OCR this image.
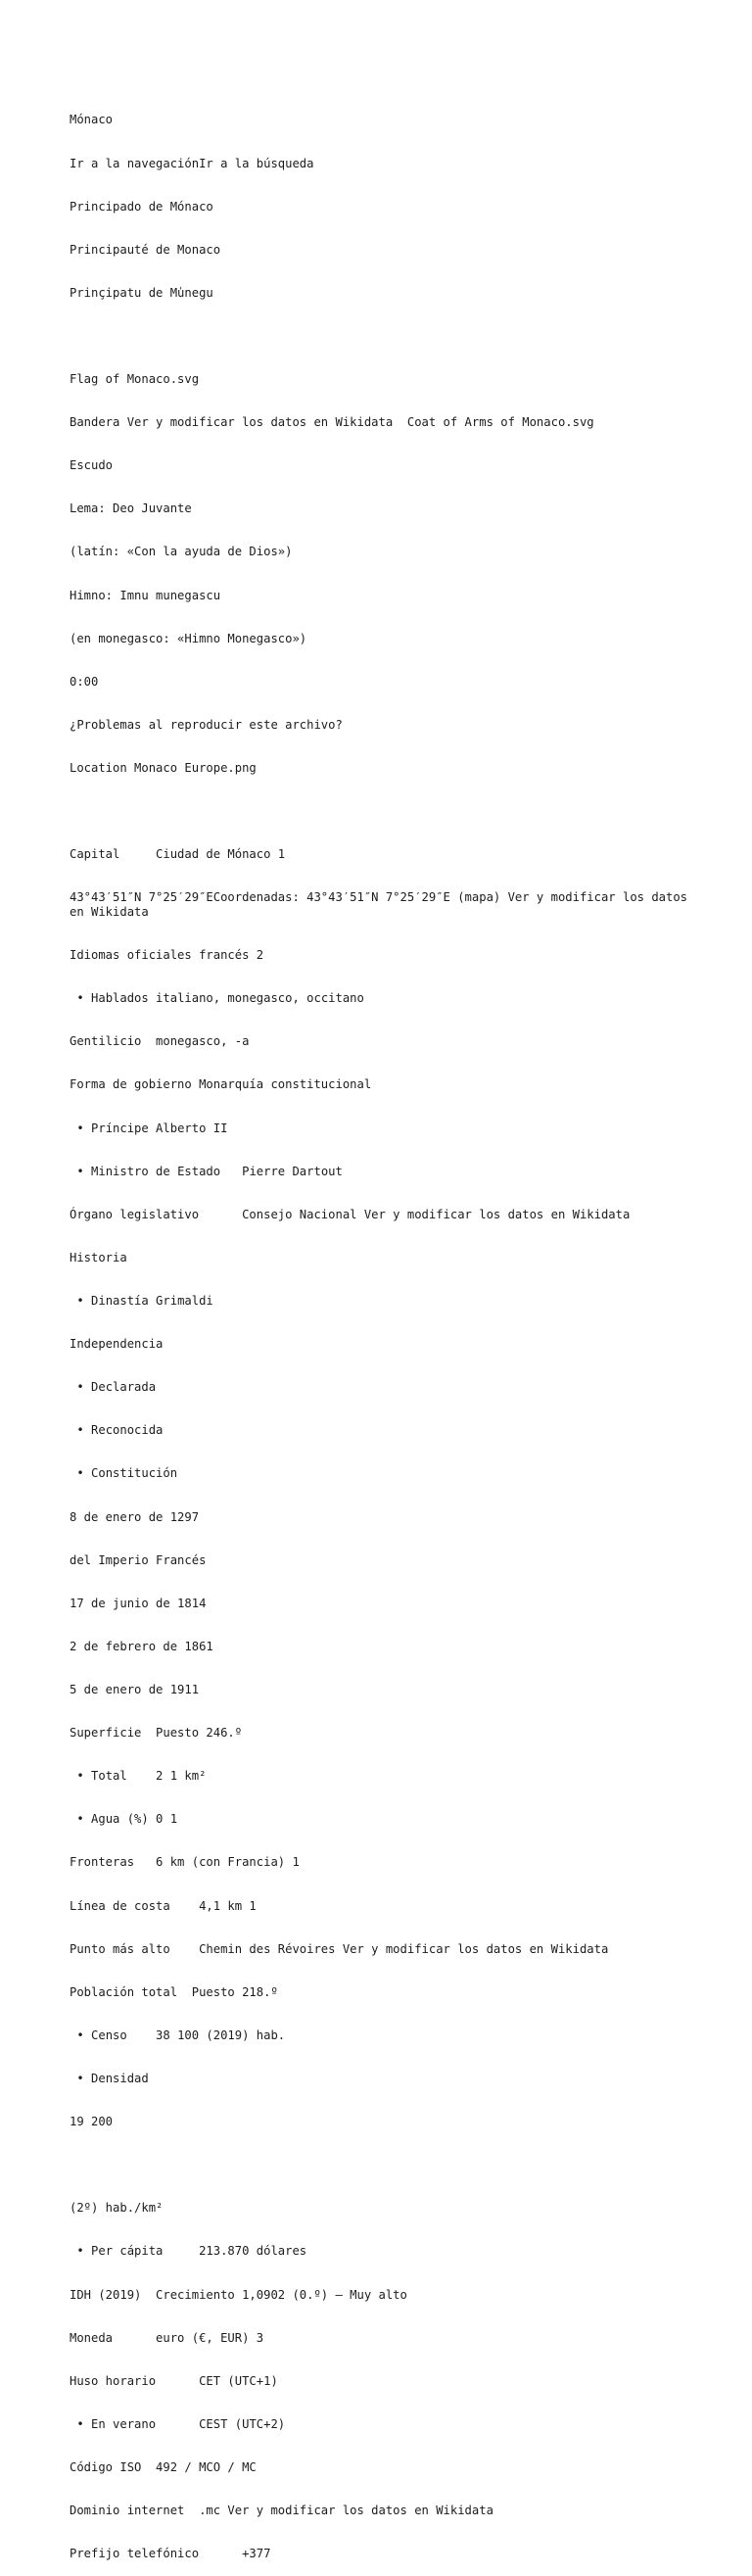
Mónaco

Ir a la navegaciónIr a la búsqueda

Principado de Mónaco

Principauté de Monaco

Prinçipatu de Mu̍negu

Flag of Monaco.svg

Bandera Ver y modificar los datos en Wikidata  Coat of Arms of Monaco.svg

Escudo

Lema: Deo Juvante

(latín: «Con la ayuda de Dios»)

Himno: Imnu munegascu

(en monegasco: «Himno Monegasco»)

0:00

¿Problemas al reproducir este archivo?

Location Monaco Europe.png

Capital     Ciudad de Mónaco 1

43°43′51″N 7°25′29″ECoordenadas: 43°43′51″N 7°25′29″E (mapa) Ver y modificar los datos en Wikidata

Idiomas oficiales francés 2

• Hablados italiano, monegasco, occitano

Gentilicio  monegasco, -a

Forma de gobierno Monarquía constitucional

• Príncipe Alberto II

• Ministro de Estado   Pierre Dartout

Órgano legislativo      Consejo Nacional Ver y modificar los datos en Wikidata

Historia

• Dinastía Grimaldi

Independencia

• Declarada

• Reconocida

• Constitución

8 de enero de 1297

del Imperio Francés

17 de junio de 1814

2 de febrero de 1861

5 de enero de 1911

Superficie  Puesto 246.º

• Total    2 1 km²

• Agua (%) 0 1

Fronteras   6 km (con Francia) 1

Línea de costa    4,1 km 1

Punto más alto    Chemin des Révoires Ver y modificar los datos en Wikidata

Población total  Puesto 218.º

• Censo    38 100 (2019) hab.

• Densidad

19 200

(2º) hab./km²

• Per cápita     213.870 dólares

IDH (2019)  Crecimiento 1,0902 (0.º) – Muy alto

Moneda      euro (€, EUR) 3

Huso horario      CET (UTC+1)

• En verano      CEST (UTC+2)

Código ISO  492 / MCO / MC

Dominio internet  .mc Ver y modificar los datos en Wikidata

Prefijo telefónico      +377
